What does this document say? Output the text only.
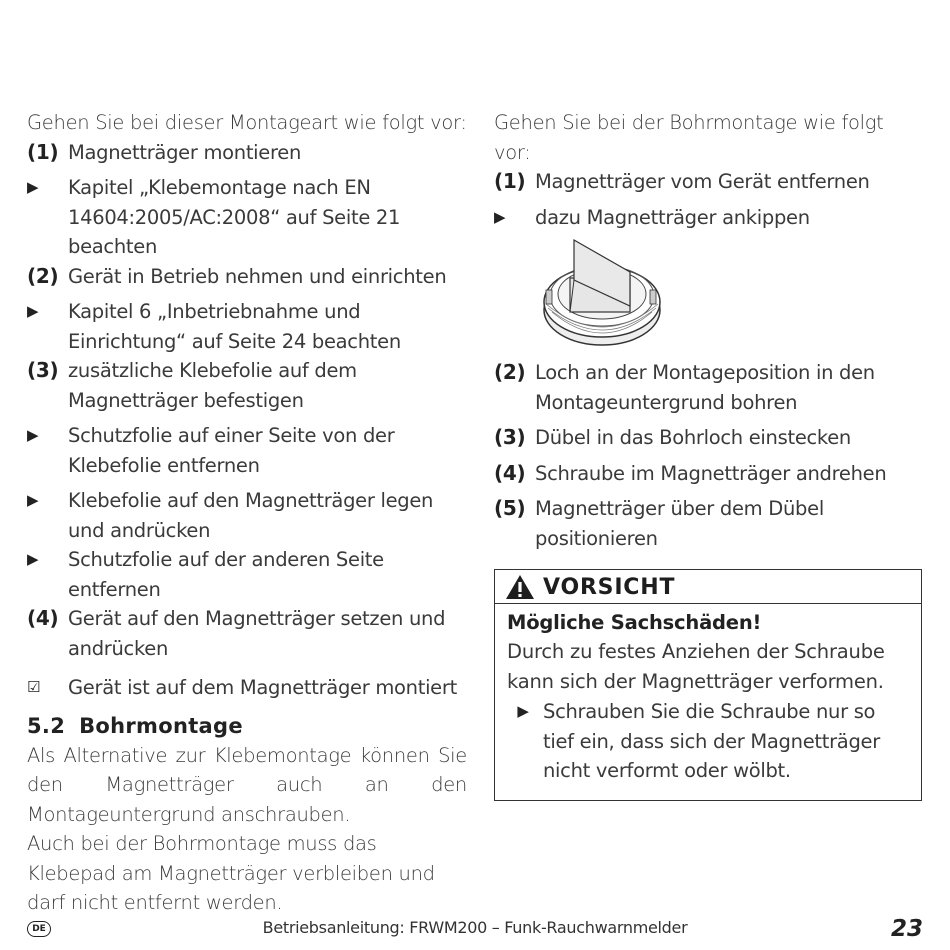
Gehen Sie bei dieser Montageart wie folgt vor:
(1) Magnetträger montieren
▶	Kapitel „Klebemontage nach EN 14604:2005/AC:2008“ auf Seite 21 beachten
(2) Gerät in Betrieb nehmen und einrichten
▶	Kapitel 6 „Inbetriebnahme und Einrichtung“ auf Seite 24 beachten
(3) zusätzliche Klebefolie auf dem Magnetträger befestigen
▶	Schutzfolie auf einer Seite von der Klebefolie entfernen
▶	Klebefolie auf den Magnetträger legen und andrücken
▶	Schutzfolie auf der anderen Seite entfernen
(4) Gerät auf den Magnetträger setzen und andrücken
☑	Gerät ist auf dem Magnetträger montiert
5.2 Bohrmontage
Als Alternative zur Klebemontage können Sie den Magnetträger auch an den Montageuntergrund anschrauben.
Auch bei der Bohrmontage muss das Klebepad am Magnetträger verbleiben und darf nicht entfernt werden.
Gehen Sie bei der Bohrmontage wie folgt vor:
(1) Magnetträger vom Gerät entfernen
▶	dazu Magnetträger ankippen
(2) Loch an der Montageposition in den Montageuntergrund bohren
(3) Dübel in das Bohrloch einstecken
(4) Schraube im Magnetträger andrehen
(5) Magnetträger über dem Dübel positionieren
VORSICHT
Mögliche Sachschäden!
Durch zu festes Anziehen der Schraube kann sich der Magnetträger verformen.
▶ Schrauben Sie die Schraube nur so tief ein, dass sich der Magnetträger nicht verformt oder wölbt.
DE	Betriebsanleitung: FRWM200 – Funk-Rauchwarnmelder	23
